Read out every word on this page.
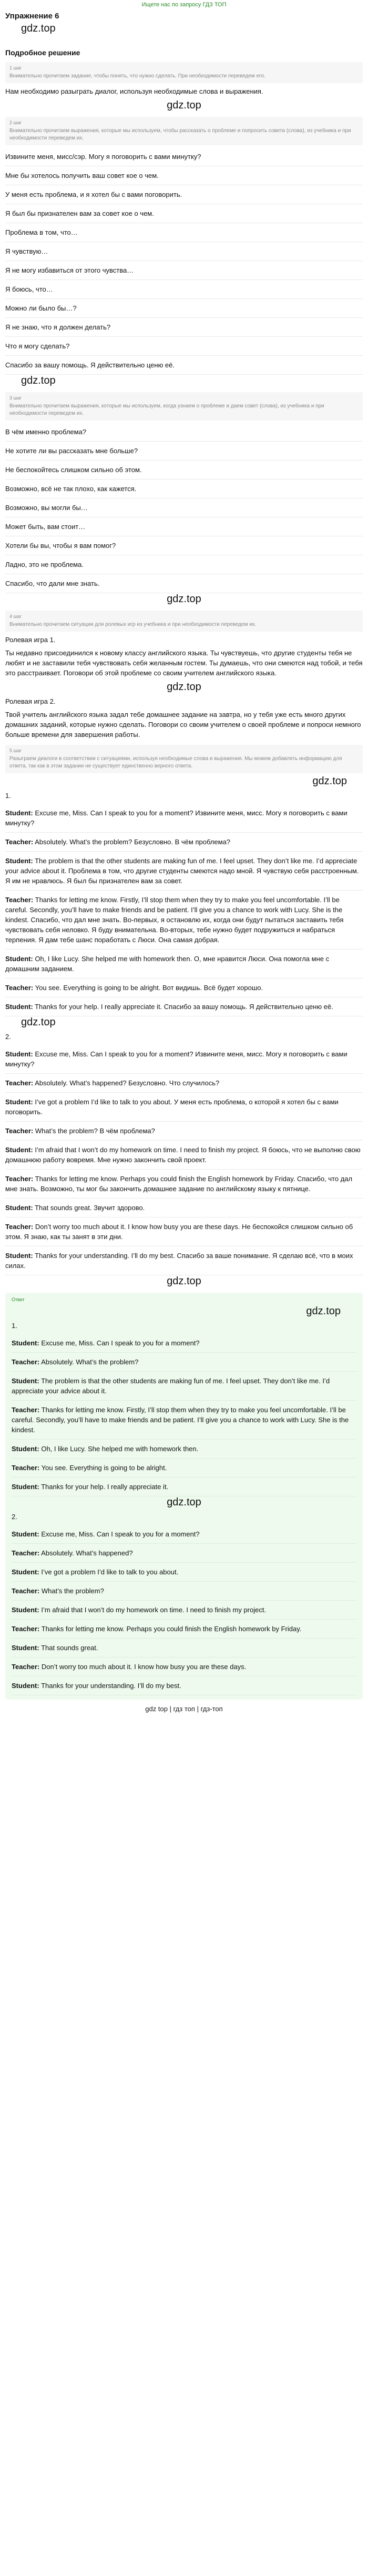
Ищете нас по запросу ГДЗ ТОП
Упражнение 6
gdz.top
Подробное решение
1 шаг
Внимательно прочитаем задание, чтобы понять, что нужно сделать. При необходимости переведем его.
Нам необходимо разыграть диалог, используя необходимые слова и выражения.
gdz.top
2 шаг
Внимательно прочитаем выражения, которые мы используем, чтобы рассказать о проблеме и попросить совета (слова), из учебника и при необходимости переведем их.
Извините меня, мисс/сэр. Могу я поговорить с вами минутку?
Мне бы хотелось получить ваш совет кое о чем.
У меня есть проблема, и я хотел бы с вами поговорить.
Я был бы признателен вам за совет кое о чем.
Проблема в том, что…
Я чувствую…
Я не могу избавиться от этого чувства…
Я боюсь, что…
Можно ли было бы…?
Я не знаю, что я должен делать?
Что я могу сделать?
Спасибо за вашу помощь. Я действительно ценю её.
gdz.top
3 шаг
Внимательно прочитаем выражения, которые мы используем, когда узнаем о проблеме и даем совет (слова), из учебника и при необходимости переведем их.
В чём именно проблема?
Не хотите ли вы рассказать мне больше?
Не беспокойтесь слишком сильно об этом.
Возможно, всё не так плохо, как кажется.
Возможно, вы могли бы…
Может быть, вам стоит…
Хотели бы вы, чтобы я вам помог?
Ладно, это не проблема.
Спасибо, что дали мне знать.
gdz.top
4 шаг
Внимательно прочитаем ситуации для ролевых игр из учебника и при необходимости переведем их.
Ролевая игра 1.
Ты недавно присоединился к новому классу английского языка. Ты чувствуешь, что другие студенты тебя не любят и не заставили тебя чувствовать себя желанным гостем. Ты думаешь, что они смеются над тобой, и тебя это расстраивает. Поговори об этой проблеме со своим учителем английского языка.
gdz.top
Ролевая игра 2.
Твой учитель английского языка задал тебе домашнее задание на завтра, но у тебя уже есть много других домашних заданий, которые нужно сделать. Поговори со своим учителем о своей проблеме и попроси немного больше времени для завершения работы.
5 шаг
Разыграем диалоги в соответствии с ситуациями, используя необходимые слова и выражения. Мы можем добавлять информацию для ответа, так как в этом задании не существует единственно верного ответа.
gdz.top
1.
Student: Excuse me, Miss. Can I speak to you for a moment? Извините меня, мисс. Могу я поговорить с вами минутку?
Teacher: Absolutely. What’s the problem? Безусловно. В чём проблема?
Student: The problem is that the other students are making fun of me. I feel upset. They don’t like me. I’d appreciate your advice about it. Проблема в том, что другие студенты смеются надо мной. Я чувствую себя расстроенным. Я им не нравлюсь. Я был бы признателен вам за совет.
Teacher: Thanks for letting me know. Firstly, I’ll stop them when they try to make you feel uncomfortable. I’ll be careful. Secondly, you’ll have to make friends and be patient. I’ll give you a chance to work with Lucy. She is the kindest. Спасибо, что дал мне знать. Во-первых, я остановлю их, когда они будут пытаться заставить тебя чувствовать себя неловко. Я буду внимательна. Во-вторых, тебе нужно будет подружиться и набраться терпения. Я дам тебе шанс поработать с Люси. Она самая добрая.
Student: Oh, I like Lucy. She helped me with homework then. О, мне нравится Люси. Она помогла мне с домашним заданием.
Teacher: You see. Everything is going to be alright. Вот видишь. Всё будет хорошо.
Student: Thanks for your help. I really appreciate it. Спасибо за вашу помощь. Я действительно ценю её.
gdz.top
2.
Student: Excuse me, Miss. Can I speak to you for a moment? Извините меня, мисс. Могу я поговорить с вами минутку?
Teacher: Absolutely. What’s happened? Безусловно. Что случилось?
Student: I’ve got a problem I’d like to talk to you about. У меня есть проблема, о которой я хотел бы с вами поговорить.
Teacher: What’s the problem? В чём проблема?
Student: I’m afraid that I won’t do my homework on time. I need to finish my project. Я боюсь, что не выполню свою домашнюю работу вовремя. Мне нужно закончить свой проект.
Teacher: Thanks for letting me know. Perhaps you could finish the English homework by Friday. Спасибо, что дал мне знать. Возможно, ты мог бы закончить домашнее задание по английскому языку к пятнице.
Student: That sounds great. Звучит здорово.
Teacher: Don’t worry too much about it. I know how busy you are these days. Не беспокойся слишком сильно об этом. Я знаю, как ты занят в эти дни.
Student: Thanks for your understanding. I’ll do my best. Спасибо за ваше понимание. Я сделаю всё, что в моих силах.
gdz.top
Ответ
gdz.top
1.
Student: Excuse me, Miss. Can I speak to you for a moment?
Teacher: Absolutely. What’s the problem?
Student: The problem is that the other students are making fun of me. I feel upset. They don’t like me. I’d appreciate your advice about it.
Teacher: Thanks for letting me know. Firstly, I’ll stop them when they try to make you feel uncomfortable. I’ll be careful. Secondly, you’ll have to make friends and be patient. I’ll give you a chance to work with Lucy. She is the kindest.
Student: Oh, I like Lucy. She helped me with homework then.
Teacher: You see. Everything is going to be alright.
Student: Thanks for your help. I really appreciate it.
gdz.top
2.
Student: Excuse me, Miss. Can I speak to you for a moment?
Teacher: Absolutely. What’s happened?
Student: I’ve got a problem I’d like to talk to you about.
Teacher: What’s the problem?
Student: I’m afraid that I won’t do my homework on time. I need to finish my project.
Teacher: Thanks for letting me know. Perhaps you could finish the English homework by Friday.
Student: That sounds great.
Teacher: Don’t worry too much about it. I know how busy you are these days.
Student: Thanks for your understanding. I’ll do my best.
gdz top | гдз топ | гдз-топ
